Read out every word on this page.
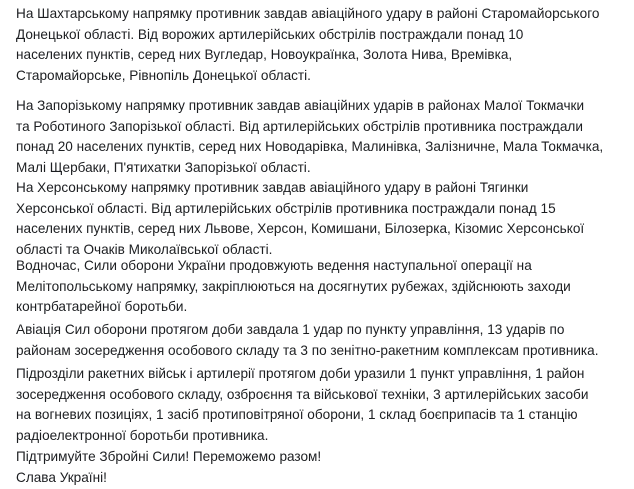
На Шахтарському напрямку противник завдав авіаційного удару в районі Старомайорського
Донецької області. Від ворожих артилерійських обстрілів постраждали понад 10
населених пунктів, серед них Вугледар, Новоукраїнка, Золота Нива, Времівка,
Старомайорське, Рівнопіль Донецької області.

На Запорізькому напрямку противник завдав авіаційних ударів в районах Малої Токмачки
та Роботиного Запорізької області. Від артилерійських обстрілів противника постраждали
понад 20 населених пунктів, серед них Новодарівка, Малинівка, Залізничне, Мала Токмачка,
Малі Щербаки, П'ятихатки Запорізької області.

На Херсонському напрямку противник завдав авіаційного удару в районі Тягинки
Херсонської області. Від артилерійських обстрілів противника постраждали понад 15
населених пунктів, серед них Львове, Херсон, Комишани, Білозерка, Кізомис Херсонської
області та Очаків Миколаївської області.

Водночас, Сили оборони України продовжують ведення наступальної операції на
Мелітопольському напрямку, закріплюються на досягнутих рубежах, здійснюють заходи
контрбатарейної боротьби.

Авіація Сил оборони протягом доби завдала 1 удар по пункту управління, 13 ударів по
районам зосередження особового складу та 3 по зенітно-ракетним комплексам противника.

Підрозділи ракетних військ і артилерії протягом доби уразили 1 пункт управління, 1 район
зосередження особового складу, озброєння та військової техніки, 3 артилерійських засоби
на вогневих позиціях, 1 засіб протиповітряної оборони, 1 склад боєприпасів та 1 станцію
радіоелектронної боротьби противника.

Підтримуйте Збройні Сили! Переможемо разом!
Слава Україні!
